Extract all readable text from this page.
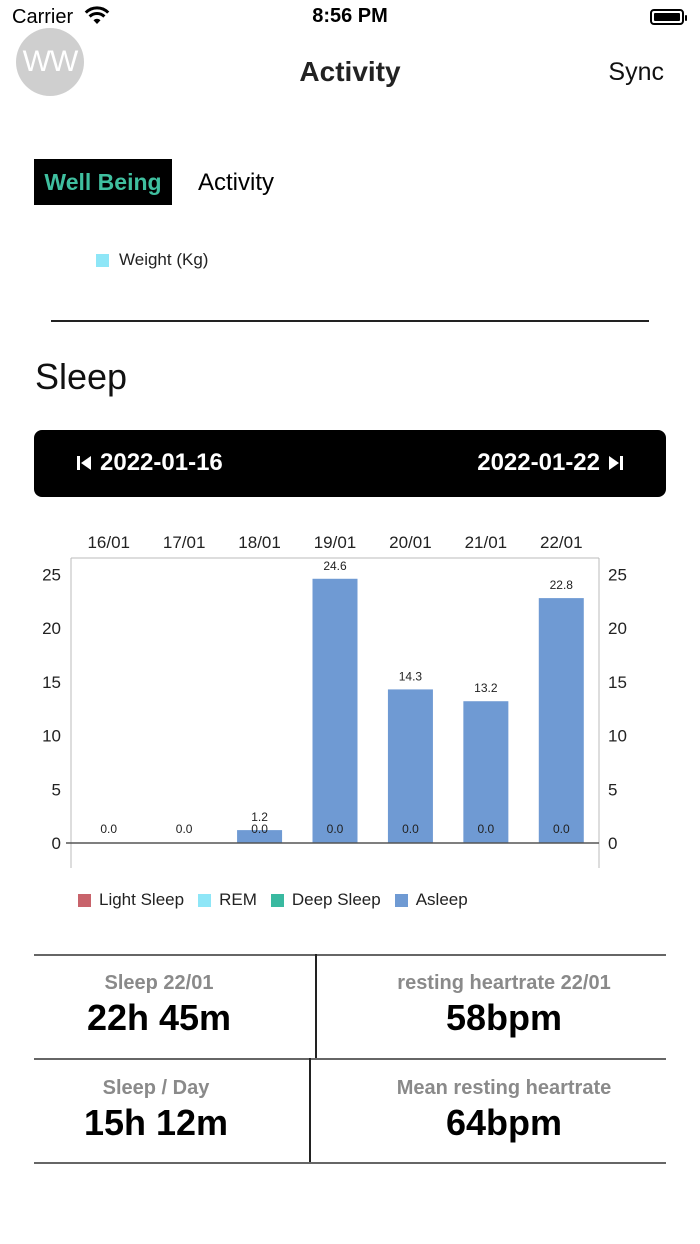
Carrier	8:56 PM
WW	Activity	Sync
Well Being	Activity
Weight (Kg)
Sleep
2022-01-16	2022-01-22
0	0
5	5
10	10
15	15
20	20
25	25
16/01 17/01 18/01 19/01 20/01 21/01 22/01
0.0	0.0
1.2
0.0
24.6
0.0
14.3
0.0
13.2
0.0
22.8
0.0
Light Sleep REM Deep Sleep Asleep
Sleep 22/01
22h 45m
resting heartrate 22/01
58bpm
Sleep / Day
15h 12m
Mean resting heartrate
64bpm
